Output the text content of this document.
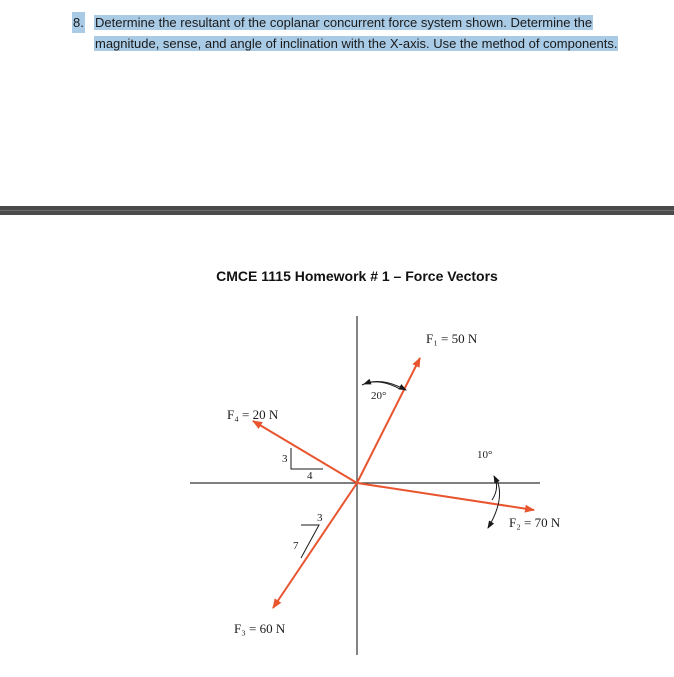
8. Determine the resultant of the coplanar concurrent force system shown. Determine the
magnitude, sense, and angle of inclination with the X-axis. Use the method of components.
CMCE 1115 Homework # 1 – Force Vectors
20°
10°
3
4
3
7
F₁ = 50 N
F₂ = 70 N
F₃ = 60 N
F₄ = 20 N
